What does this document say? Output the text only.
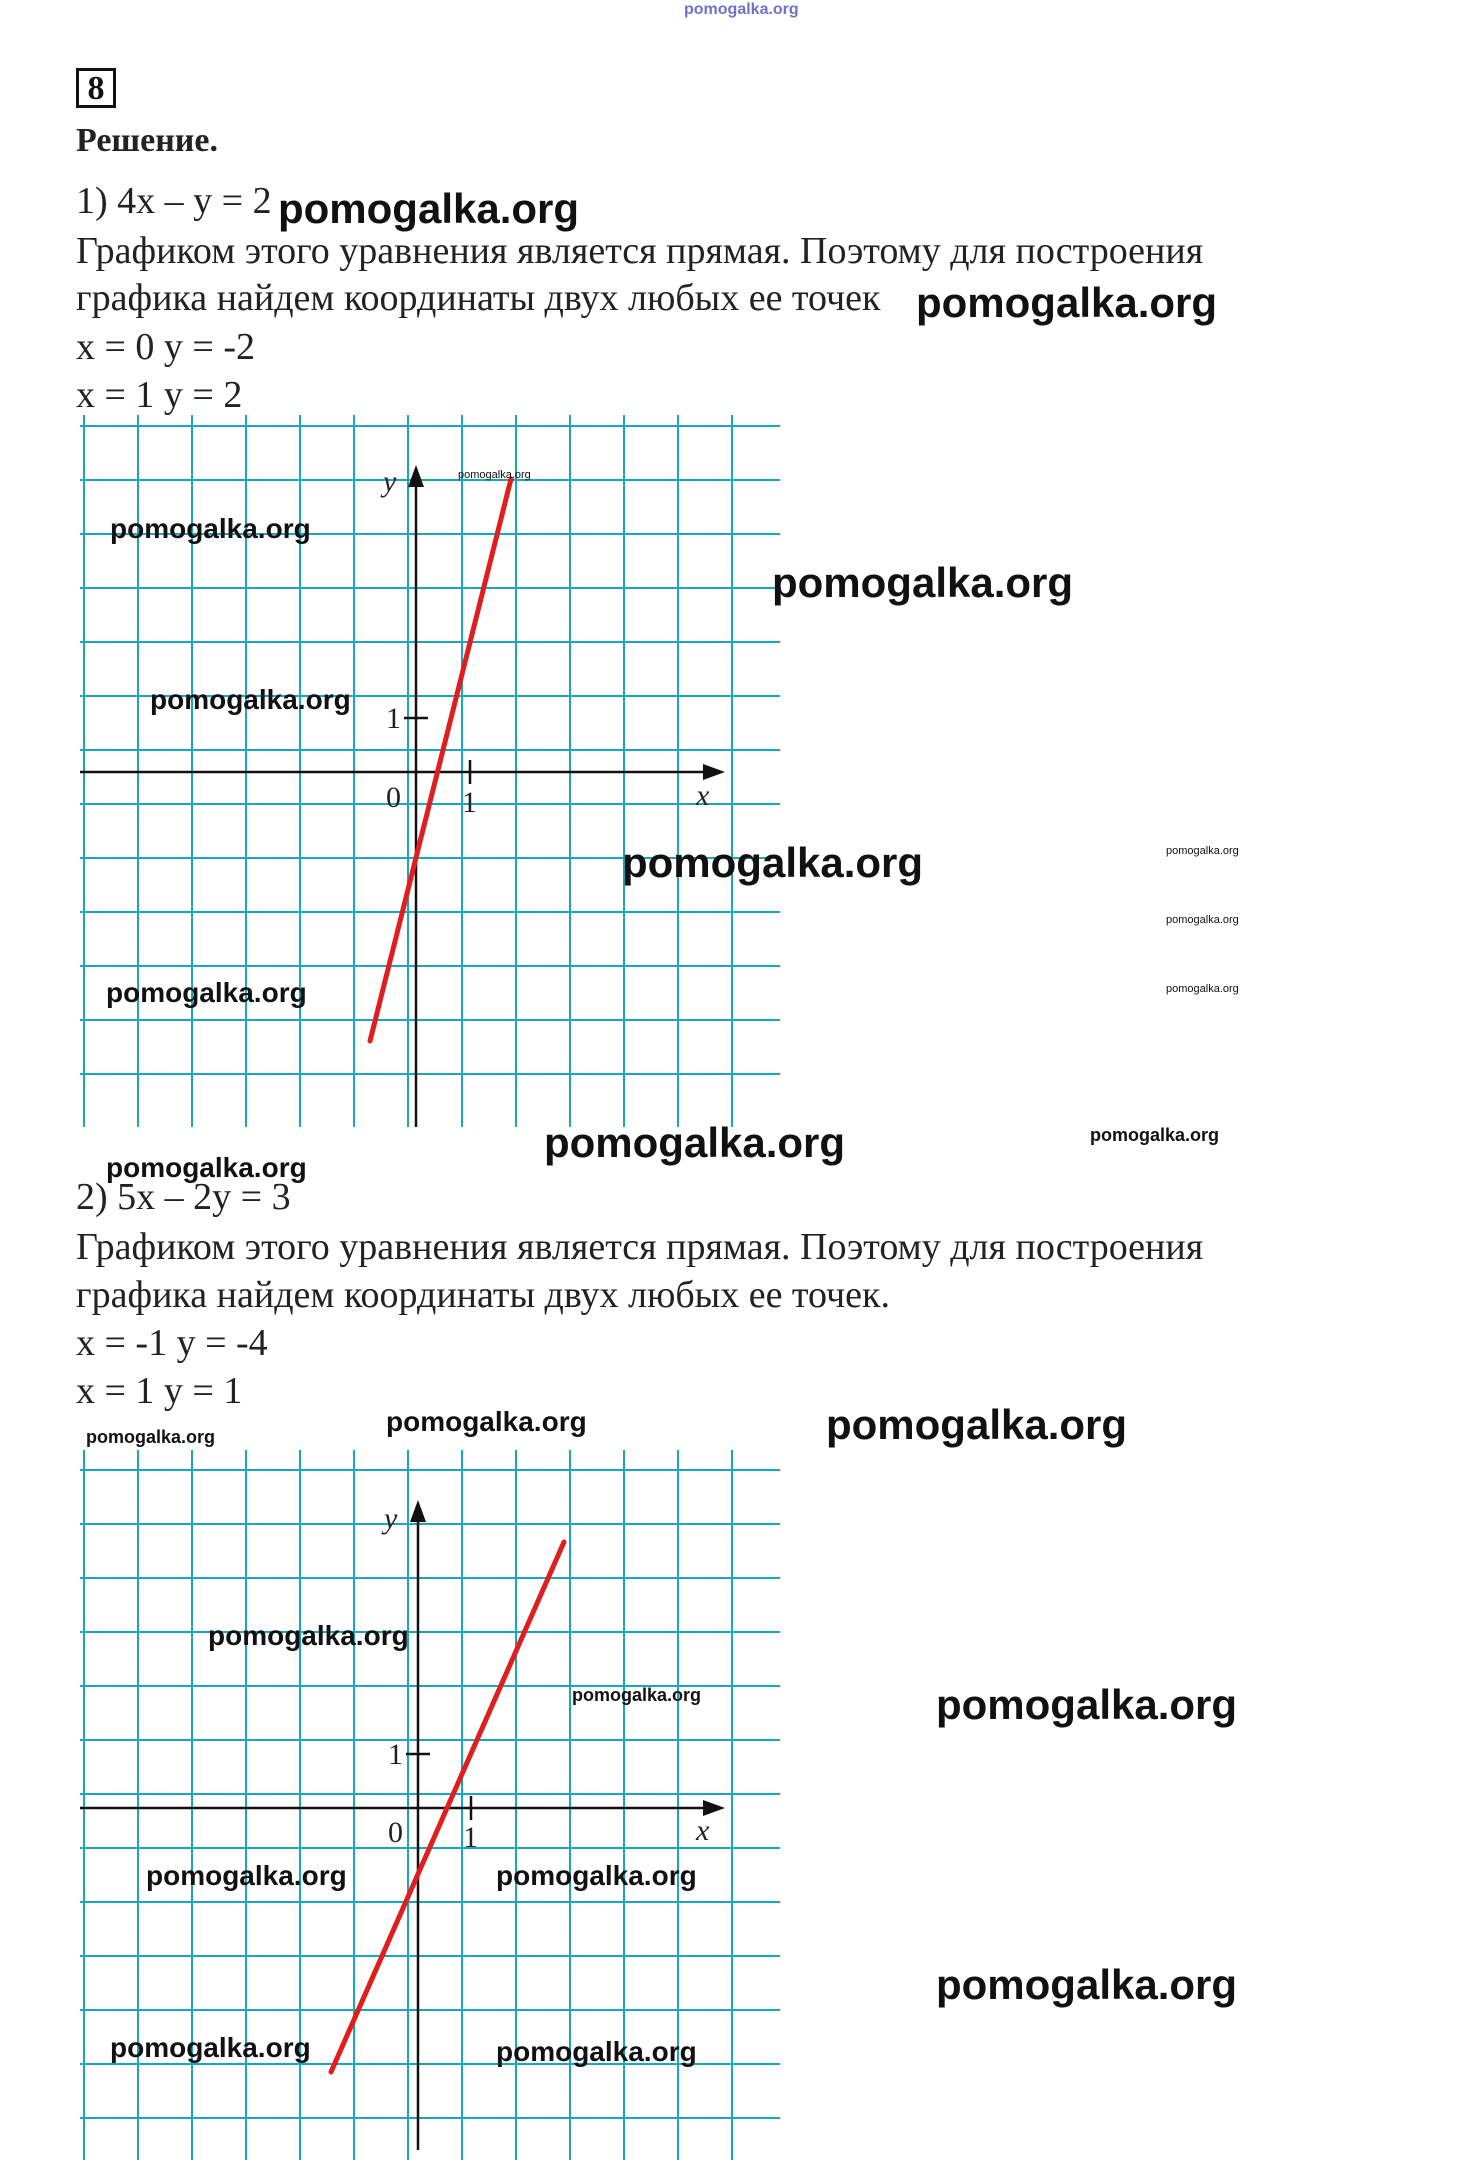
pomogalka.org
8
Решение.
1) 4x – y = 2
Графиком этого уравнения является прямая. Поэтому для построения
графика найдем координаты двух любых ее точек
x = 0 y = -2
x = 1 y = 2
y
x
0 1
1
2) 5x – 2y = 3
Графиком этого уравнения является прямая. Поэтому для построения
графика найдем координаты двух любых ее точек.
x = -1 y = -4
x = 1 y = 1
y
x
0 1
1
pomogalka.org
pomogalka.org
pomogalka.org
pomogalka.org
pomogalka.org
pomogalka.org
pomogalka.org	pomogalka.org
pomogalka.org
pomogalka.org
pomogalka.org
pomogalka.org	pomogalka.org
pomogalka.org
pomogalka.org	pomogalka.org	pomogalka.org
pomogalka.org
pomogalka.org	pomogalka.org
pomogalka.org	pomogalka.org
pomogalka.org
pomogalka.org	pomogalka.org
